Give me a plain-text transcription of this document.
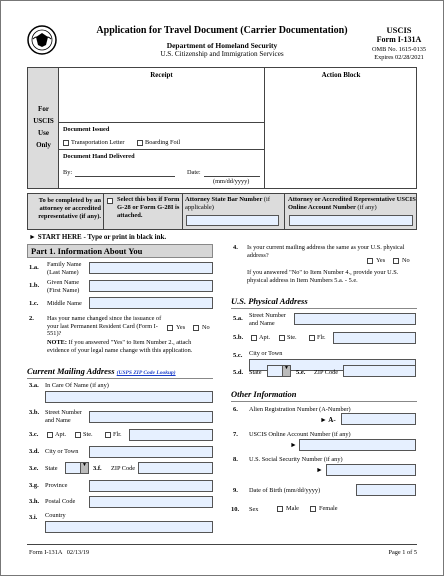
Application for Travel Document (Carrier Documentation)
Department of Homeland Security
U.S. Citizenship and Immigration Services
USCIS
Form I-131A
OMB No. 1615-0135
Expires 02/28/2021
For
USCIS
Use
Only
Receipt	Action Block
Document Issued
Transportation Letter	Boarding Foil
Document Hand Delivered
By:	Date:
(mm/dd/yyyy)
To be completed by an attorney or accredited representative (if any).
Select this box if Form G-28 or Form G-28I is attached.
Attorney State Bar Number (if applicable)
Attorney or Accredited Representative USCIS Online Account Number (if any)
► START HERE - Type or print in black ink.
Part 1. Information About You
1.a. Family Name (Last Name)
1.b. Given Name (First Name)
1.c. Middle Name
2. Has your name changed since the issuance of your last Permanent Resident Card (Form I-551)?
Yes	No
NOTE: If you answered "Yes" to Item Number 2., attach evidence of your legal name change with this application.
Current Mailing Address (USPS ZIP Code Lookup)
3.a. In Care Of Name (if any)
3.b. Street Number and Name
3.c.	Apt.	Ste.	Flr.
3.d. City or Town
3.e. State	▼ 3.f. ZIP Code
3.g. Province
3.h. Postal Code
3.i. Country
4. Is your current mailing address the same as your U.S. physical address?
Yes	No
If you answered "No" to Item Number 4., provide your U.S. physical address in Item Numbers 5.a. - 5.e.
U.S. Physical Address
5.a. Street Number and Name
5.b.	Apt.	Ste.	Flr.
5.c. City or Town
5.d. State
▼
5.e. ZIP Code
Other Information
6. Alien Registration Number (A-Number)
► A-
7. USCIS Online Account Number (if any)
►
8. U.S. Social Security Number (if any)
►
9. Date of Birth (mm/dd/yyyy)
10. Sex	Male	Female
Form I-131A   02/13/19	Page 1 of 5
